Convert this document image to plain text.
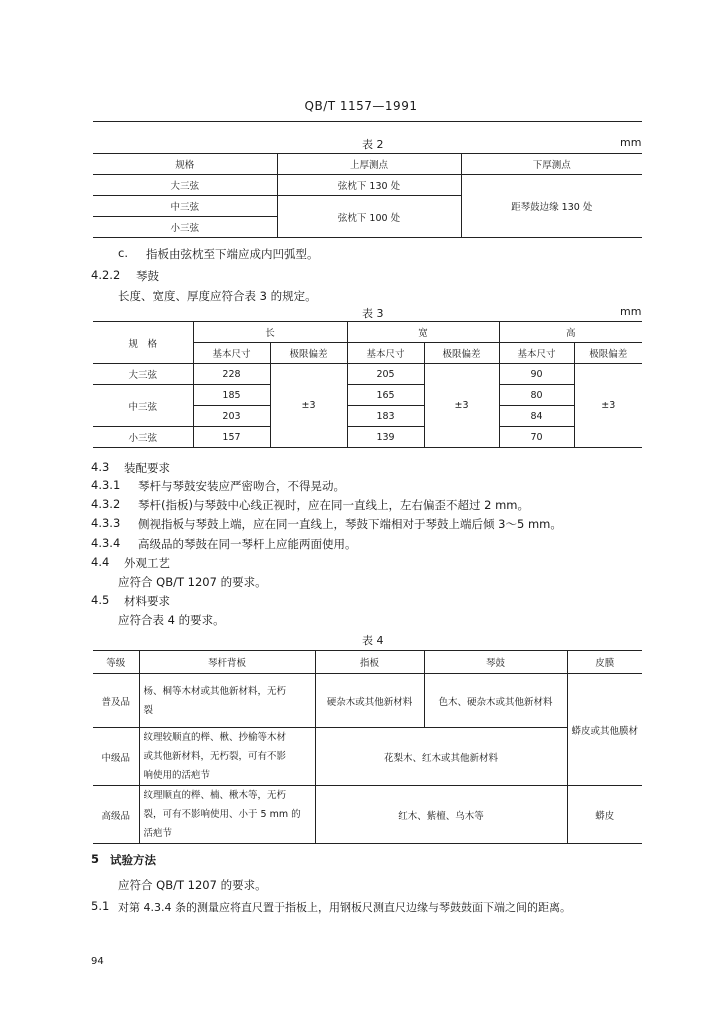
QB/T 1157—1991
表 2	mm
规格	上厚测点	下厚测点
大三弦	弦枕下 130 处	距琴鼓边缘 130 处
中三弦	弦枕下 100 处	
小三弦		
c. 指板由弦枕至下端应成内凹弧型。
4.2.2 琴鼓
长度、宽度、厚度应符合表 3 的规定。
表 3	mm
规　格	长		宽		高	
	基本尺寸	极限偏差	基本尺寸	极限偏差	基本尺寸	极限偏差
大三弦	228	±3	205	±3	90	±3
中三弦	185		165		80	
	203		183		84	
小三弦	157		139		70	
4.3 装配要求
4.3.1 琴杆与琴鼓安装应严密吻合，不得晃动。
4.3.2 琴杆(指板)与琴鼓中心线正视时，应在同一直线上，左右偏歪不超过 2 mm。
4.3.3 侧视指板与琴鼓上端，应在同一直线上，琴鼓下端相对于琴鼓上端后倾 3～5 mm。
4.3.4 高级品的琴鼓在同一琴杆上应能两面使用。
4.4 外观工艺
应符合 QB/T 1207 的要求。
4.5 材料要求
应符合表 4 的要求。
表 4
等级	琴杆背板	指板	琴鼓	皮膜
普及品	杨、桐等木材或其他新材料，无朽
裂	硬杂木或其他新材料	色木、硬杂木或其他新材料	蟒皮或其他膜材
中级品	纹理较顺直的榉、楸、抄榆等木材
或其他新材料，无朽裂，可有不影
响使用的活疤节	花梨木、红木或其他新材料		
高级品	纹理顺直的榉、楠、楸木等，无朽
裂，可有不影响使用、小于 5 mm 的
活疤节	红木、紫檀、乌木等		蟒皮
5 试验方法
应符合 QB/T 1207 的要求。
5.1 对第 4.3.4 条的测量应将直尺置于指板上，用钢板尺测直尺边缘与琴鼓鼓面下端之间的距离。
94
